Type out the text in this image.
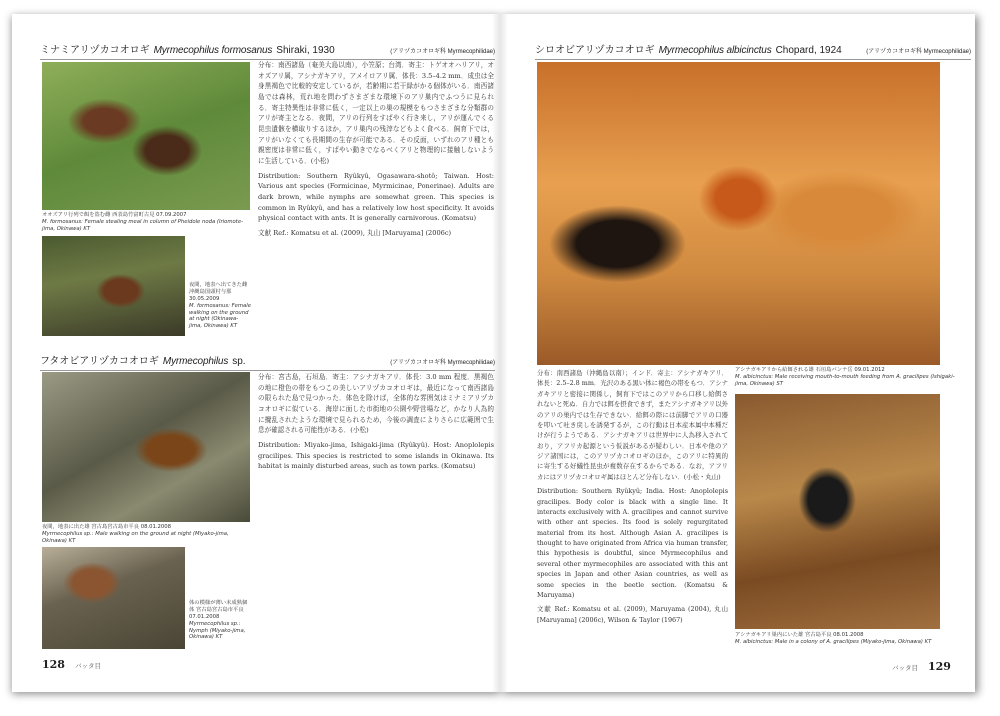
ミナミアリヅカコオロギ Myrmecophilus formosanus Shiraki, 1930	(アリヅカコオロギ科 Myrmecophilidae)
オオズアリ行列で餌を盗む雌 西表島竹富町古見 07.09.2007
M. formosanus: Female stealing meal in column of Pheidole noda (Iriomote-jima, Okinawa) KT
夜間，地表へ出てきた雌 沖縄島国頭村与那 30.05.2009
M. formosanus: Female walking on the ground at night (Okinawa-jima, Okinawa) KT

分布：南西諸島（奄美大島以南），小笠原；台湾．寄主：トゲオオハリアリ，オオズアリ属，アシナガキアリ，アメイロアリ属．体長：3.5–4.2 mm．成虫は全身黒褐色で比較的安定しているが，若齢期に若干緑がかる個体がいる．南西諸島では森林，荒れ地を問わずさまざまな環境下のアリ巣内でふつうに見られる．寄主特異性は非常に低く，一定以上の巣の規模をもつさまざまな分類群のアリが寄主となる．夜間，アリの行列をすばやく行き来し，アリが運んでくる昆虫遺骸を横取りするほか，アリ巣内の残滓などもよく食べる．飼育下では，アリがいなくても長期間の生存が可能である．その反面，いずれのアリ種とも親密度は非常に低く，すばやい動きでなるべくアリと物理的に接触しないように生活している．(小松)

Distribution: Southern Ryûkyû, Ogasawara-shotô; Taiwan. Host: Various ant species (Formicinae, Myrmicinae, Ponerinae). Adults are dark brown, while nymphs are somewhat green. This species is common in Ryûkyû, and has a relatively low host specificity. It avoids physical contact with ants. It is generally carnivorous. (Komatsu)

文献 Ref.: Komatsu et al. (2009), 丸山 [Maruyama] (2006c)

フタオビアリヅカコオロギ Myrmecophilus sp.	(アリヅカコオロギ科 Myrmecophilidae)
夜間，地表に出た雄 宮古島宮古島市平良 08.01.2008
Myrmecophilus sp.: Male walking on the ground at night (Miyako-jima, Okinawa) KT
体の模様が薄い未成熟個体 宮古島宮古島市平良 07.01.2008
Myrmecophilus sp.: Nymph (Miyako-jima, Okinawa) KT

分布：宮古島，石垣島．寄主：アシナガキアリ．体長：3.0 mm 程度．黒褐色の地に橙色の帯をもつこの美しいアリヅカコオロギは，最近になって南西諸島の限られた島で見つかった．体色を除けば，全体的な雰囲気はミナミアリヅカコオロギに似ている．海岸に面した市街地の公園や野営場など，かなり人為的に攪乱されたような環境で見られるため，今後の調査によりさらに広範囲で生息が確認される可能性がある．(小松)

Distribution: Miyako-jima, Ishigaki-jima (Ryûkyû). Host: Anoplolepis gracilipes. This species is restricted to some islands in Okinawa. Its habitat is mainly disturbed areas, such as town parks. (Komatsu)

128 バッタ目
シロオビアリヅカコオロギ Myrmecophilus albicinctus Chopard, 1924	(アリヅカコオロギ科 Myrmecophilidae)

分布：南西諸島（沖縄島以南）；インド．寄主：アシナガキアリ．体長：2.5–2.8 mm．光沢のある黒い体に褐色の帯をもつ．アシナガキアリと密接に関係し，飼育下ではこのアリから口移し給餌されないと死ぬ．自力では餌を摂食できず，またアシナガキアリ以外のアリの巣内では生存できない．給餌の際には前脚でアリの口器を叩いて吐き戻しを誘発するが，この行動は日本産本属中本種だけが行うようである．アシナガキアリは世界中に人為移入されており，アフリカ起源という仮説があるが疑わしい．日本や他のアジア諸国には，このアリヅカコオロギのほか，このアリに特異的に寄生する好蟻性昆虫が複数存在するからである．なお，アフリカにはアリヅカコオロギ属はほとんど分布しない．(小松・丸山)

Distribution: Southern Ryûkyû; India. Host: Anoplolepis gracilipes. Body color is black with a single line. It interacts exclusively with A. gracilipes and cannot survive with other ant species. Its food is solely regurgitated material from its host. Although Asian A. gracilipes is thought to have originated from Africa via human transfer, this hypothesis is doubtful, since Myrmecophilus and several other myrmecophiles are associated with this ant species in Japan and other Asian countries, as well as some species in the beetle section. (Komatsu & Maruyama)

文献 Ref.: Komatsu et al. (2009), Maruyama (2004), 丸山 [Maruyama] (2006c), Wilson & Taylor (1967)

アシナガキアリから給餌される雄 石垣島バンナ岳 09.01.2012
M. albicinctus: Male receiving mouth-to-mouth feeding from A. gracilipes (Ishigaki-jima, Okinawa) ST
アシナガキアリ巣内にいた雄 宮古島平良 08.01.2008
M. albicinctus: Male in a colony of A. gracilipes (Miyako-jima, Okinawa) KT
バッタ目 129
